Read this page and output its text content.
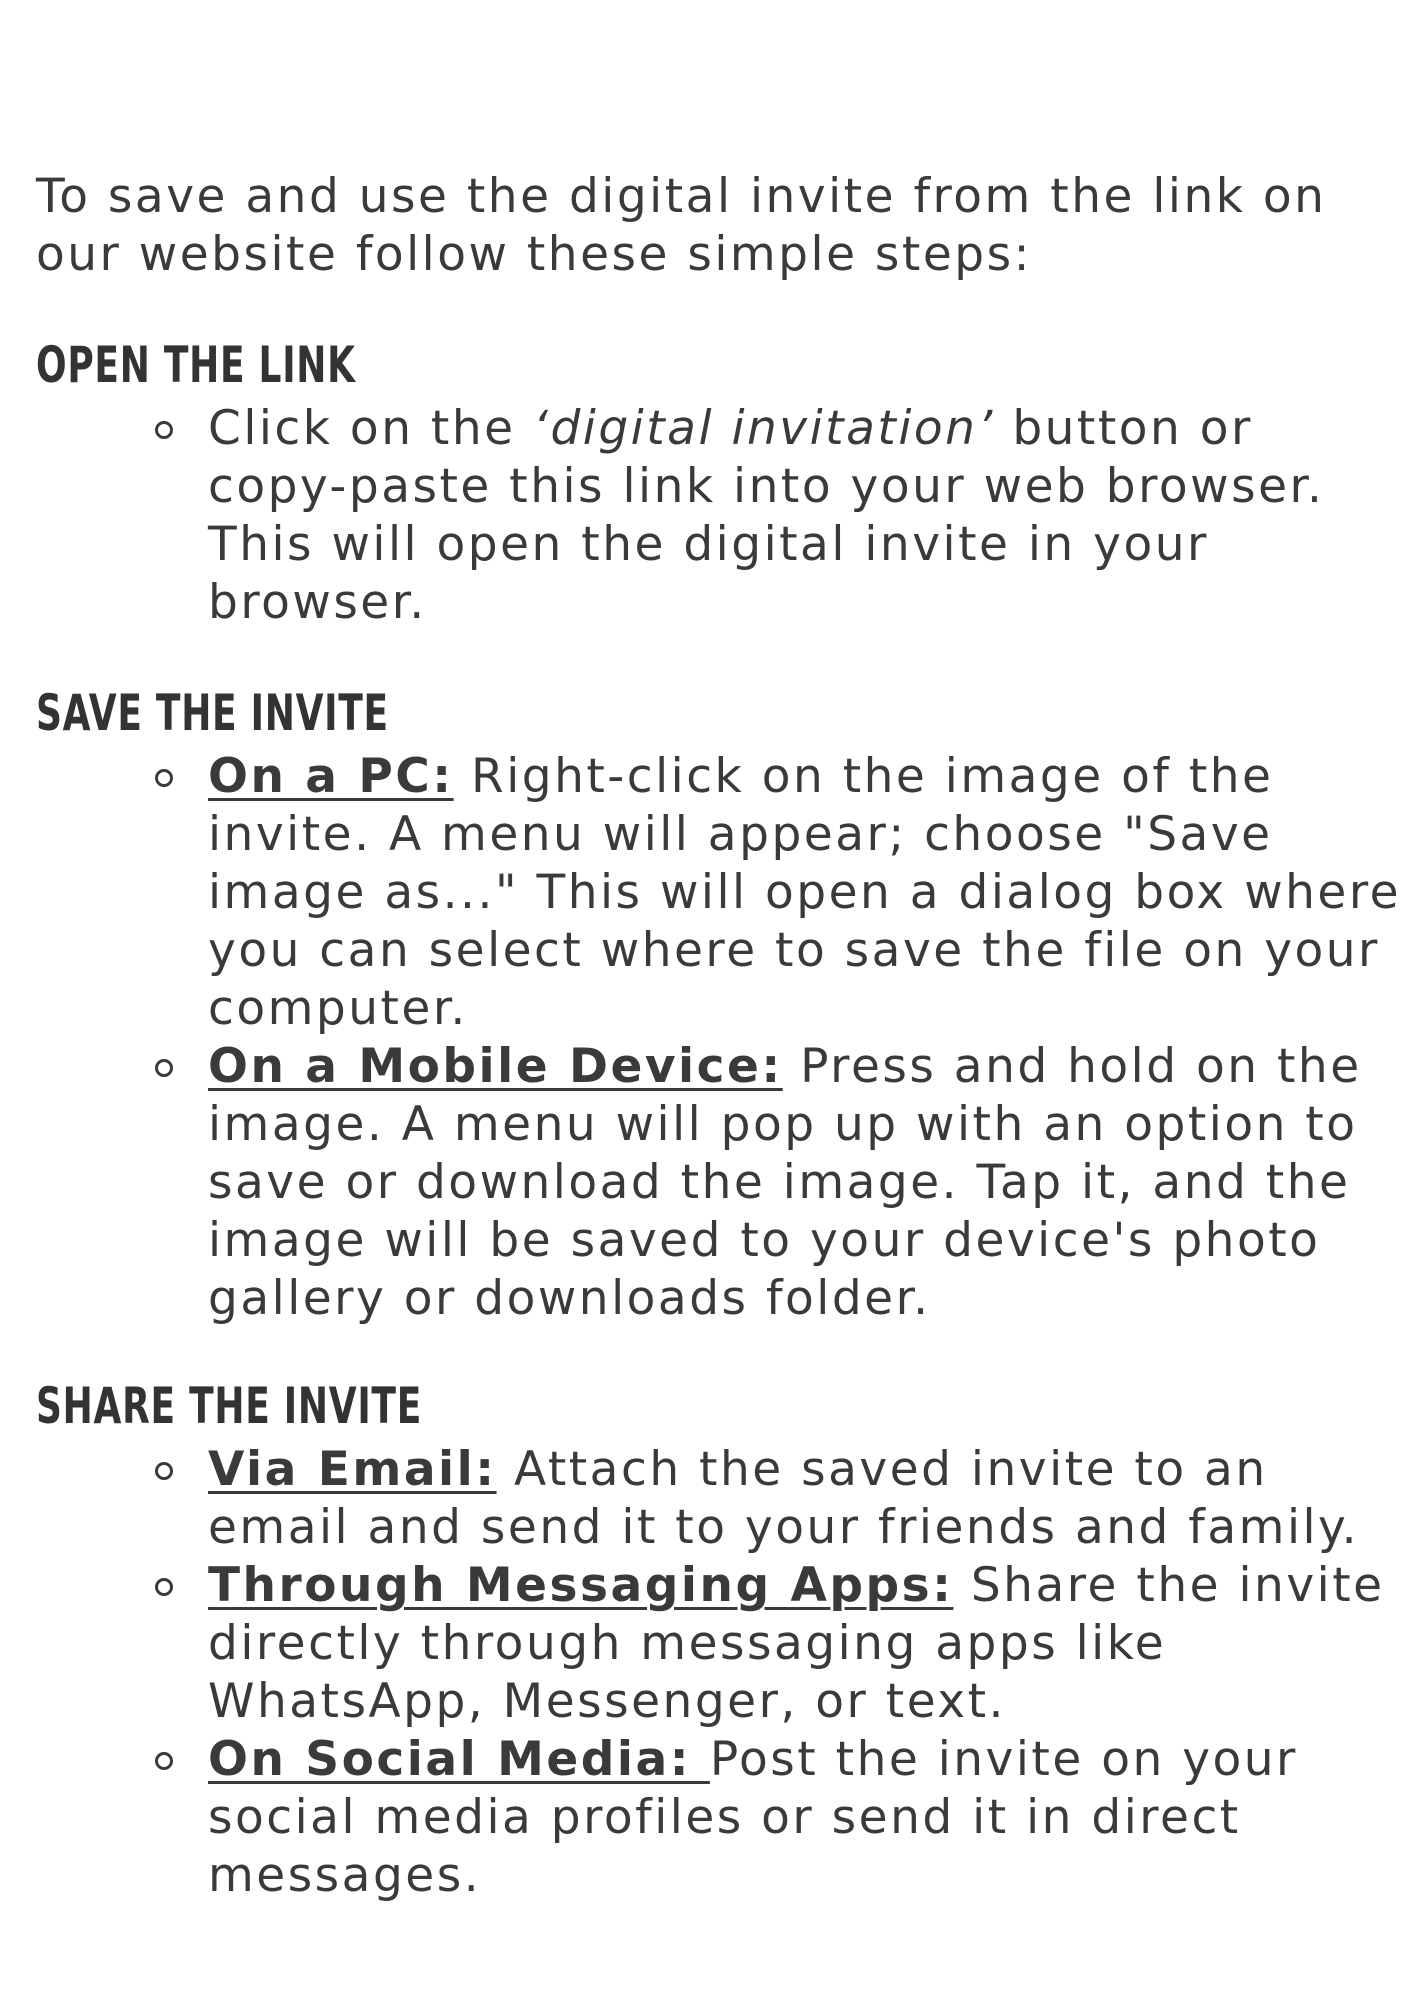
To save and use the digital invite from the link on our website follow these simple steps:

OPEN THE LINK
Click on the ‘digital invitation’ button or copy-paste this link into your web browser. This will open the digital invite in your browser.
SAVE THE INVITE
On a PC: Right-click on the image of the invite. A menu will appear; choose "Save image as..." This will open a dialog box where you can select where to save the file on your computer.
On a Mobile Device: Press and hold on the image. A menu will pop up with an option to save or download the image. Tap it, and the image will be saved to your device's photo gallery or downloads folder.
SHARE THE INVITE
Via Email: Attach the saved invite to an email and send it to your friends and family.
Through Messaging Apps: Share the invite directly through messaging apps like WhatsApp, Messenger, or text.
On Social Media: Post the invite on your social media profiles or send it in direct messages.
